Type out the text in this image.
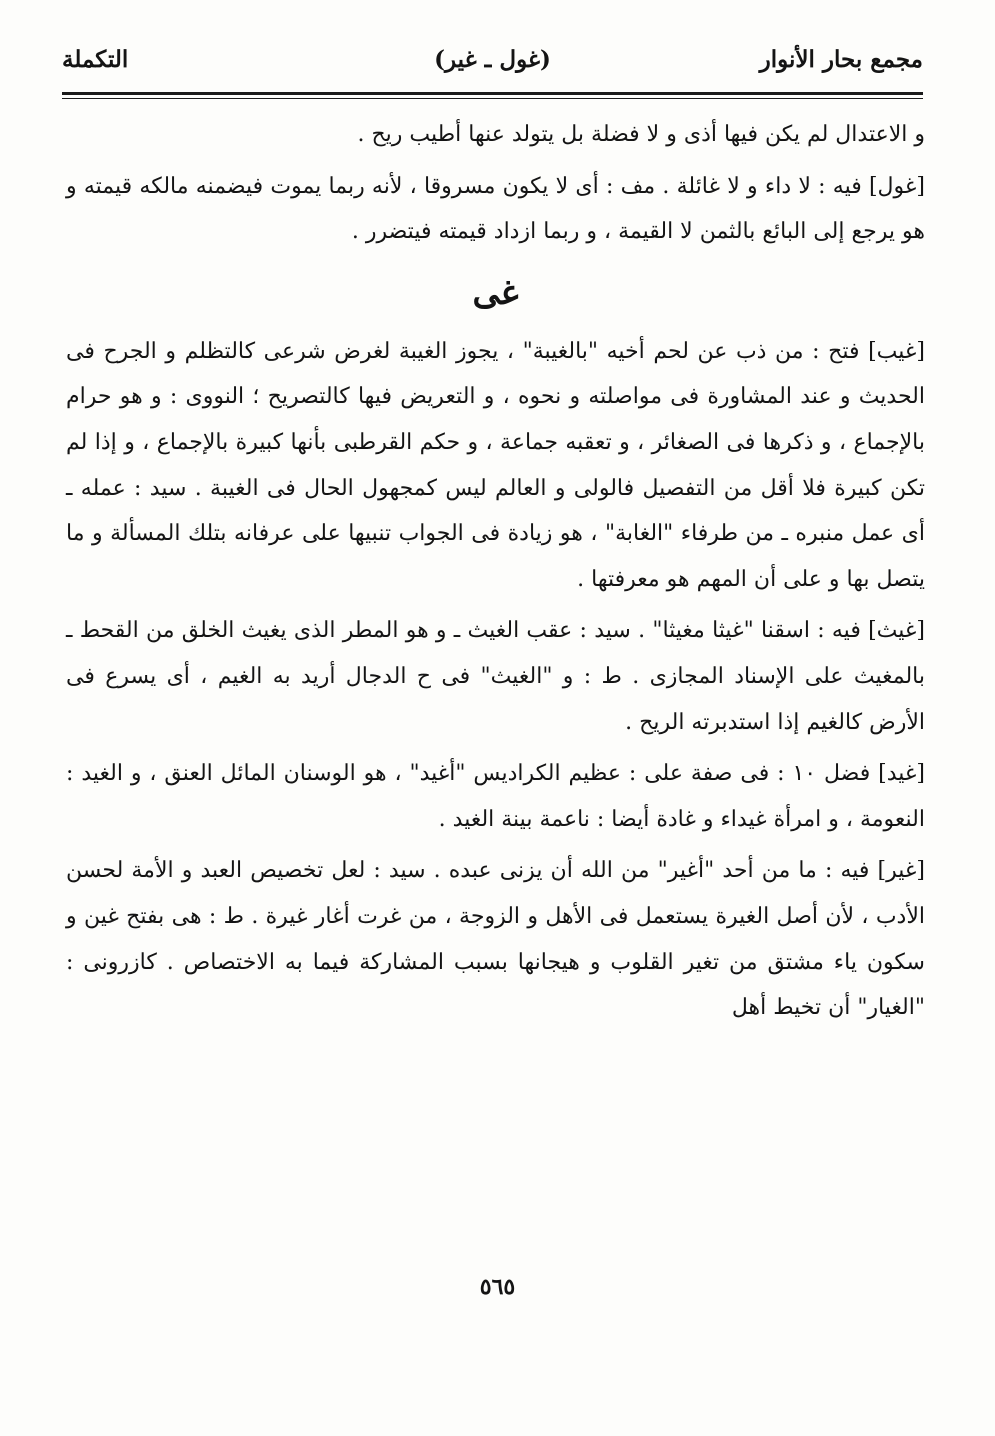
مجمع بحار الأنوار
(غول ـ غير)
التكملة

و الاعتدال لم يكن فيها أذى و لا فضلة بل يتولد عنها أطيب ريح .

[غول] فيه : لا داء و لا غائلة . مف : أى لا يكون مسروقا ، لأنه ربما يموت فيضمنه مالكه قيمته و هو يرجع إلى البائع بالثمن لا القيمة ، و ربما ازداد قيمته فيتضرر .

غى

[غيب] فتح : من ذب عن لحم أخيه "بالغيبة" ، يجوز الغيبة لغرض شرعى كالتظلم و الجرح فى الحديث و عند المشاورة فى مواصلته و نحوه ، و التعريض فيها كالتصريح ؛ النووى : و هو حرام بالإجماع ، و ذكرها فى الصغائر ، و تعقبه جماعة ، و حكم القرطبى بأنها كبيرة بالإجماع ، و إذا لم تكن كبيرة فلا أقل من التفصيل فالولى و العالم ليس كمجهول الحال فى الغيبة . سيد : عمله ـ أى عمل منبره ـ من طرفاء "الغابة" ، هو زيادة فى الجواب تنبيها على عرفانه بتلك المسألة و ما يتصل بها و على أن المهم هو معرفتها .

[غيث] فيه : اسقنا "غيثا مغيثا" . سيد : عقب الغيث ـ و هو المطر الذى يغيث الخلق من القحط ـ بالمغيث على الإسناد المجازى . ط : و "الغيث" فى ح الدجال أريد به الغيم ، أى يسرع فى الأرض كالغيم إذا استدبرته الريح .

[غيد] فضل ١٠ : فى صفة على : عظيم الكراديس "أغيد" ، هو الوسنان المائل العنق ، و الغيد : النعومة ، و امرأة غيداء و غادة أيضا : ناعمة بينة الغيد .

[غير] فيه : ما من أحد "أغير" من الله أن يزنى عبده . سيد : لعل تخصيص العبد و الأمة لحسن الأدب ، لأن أصل الغيرة يستعمل فى الأهل و الزوجة ، من غرت أغار غيرة . ط : هى بفتح غين و سكون ياء مشتق من تغير القلوب و هيجانها بسبب المشاركة فيما به الاختصاص . كازرونى : "الغيار" أن تخيط أهل

٥٦٥
